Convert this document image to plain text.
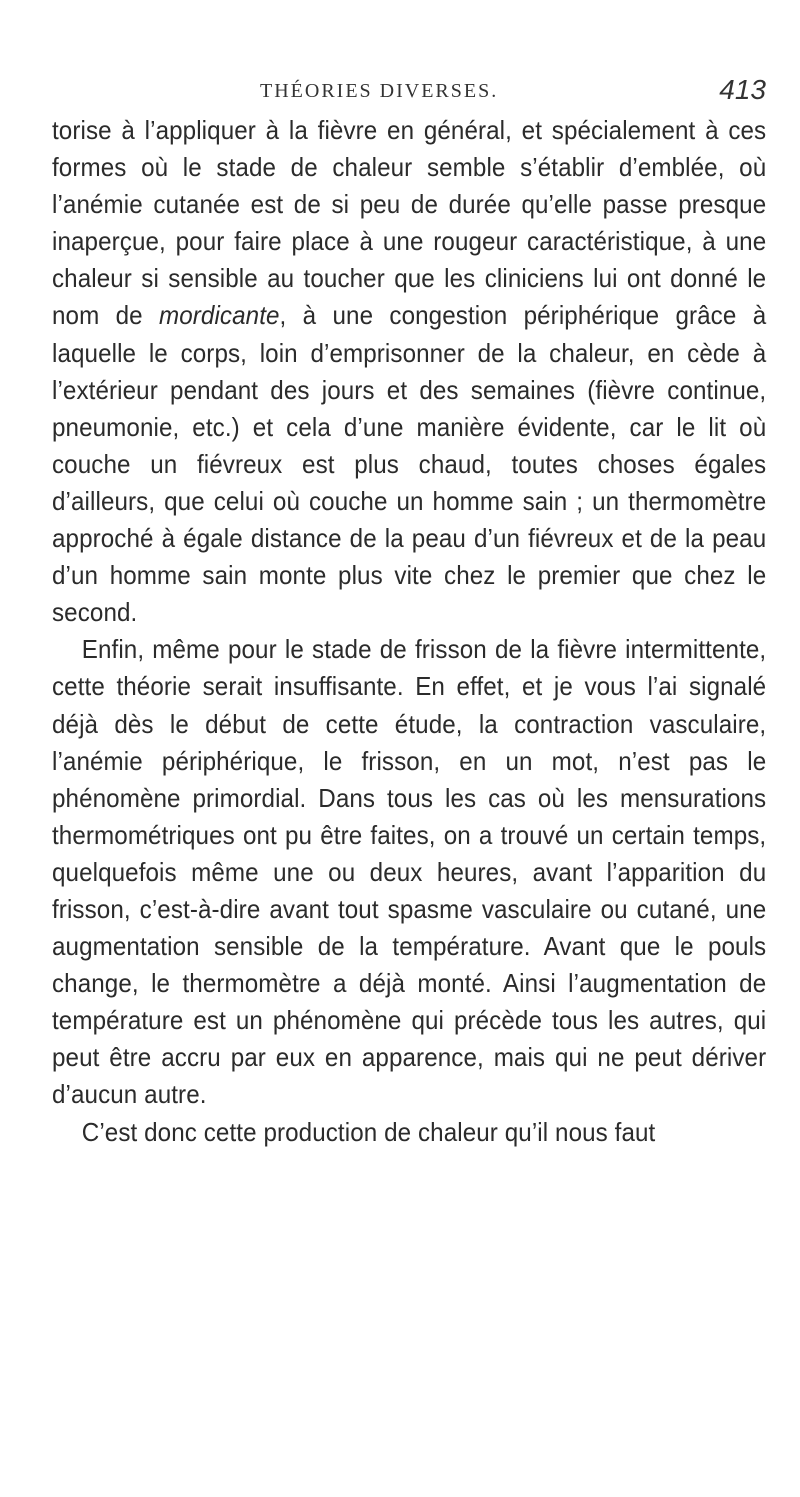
THÉORIES DIVERSES.	413

torise à l’appliquer à la fièvre en général, et spécialement à ces formes où le stade de chaleur semble s’établir d’emblée, où l’anémie cutanée est de si peu de durée qu’elle passe presque inaperçue, pour faire place à une rougeur caractéristique, à une chaleur si sensible au toucher que les cliniciens lui ont donné le nom de mordicante, à une congestion périphérique grâce à laquelle le corps, loin d’emprisonner de la chaleur, en cède à l’extérieur pendant des jours et des semaines (fièvre continue, pneumonie, etc.) et cela d’une manière évidente, car le lit où couche un fiévreux est plus chaud, toutes choses égales d’ailleurs, que celui où couche un homme sain ; un thermomètre approché à égale distance de la peau d’un fiévreux et de la peau d’un homme sain monte plus vite chez le premier que chez le second.

Enfin, même pour le stade de frisson de la fièvre intermittente, cette théorie serait insuffisante. En effet, et je vous l’ai signalé déjà dès le début de cette étude, la contraction vasculaire, l’anémie périphérique, le frisson, en un mot, n’est pas le phénomène primordial. Dans tous les cas où les mensurations thermométriques ont pu être faites, on a trouvé un certain temps, quelquefois même une ou deux heures, avant l’apparition du frisson, c’est-à-dire avant tout spasme vasculaire ou cutané, une augmentation sensible de la température. Avant que le pouls change, le thermomètre a déjà monté. Ainsi l’augmentation de température est un phénomène qui précède tous les autres, qui peut être accru par eux en apparence, mais qui ne peut dériver d’aucun autre.

C’est donc cette production de chaleur qu’il nous faut
